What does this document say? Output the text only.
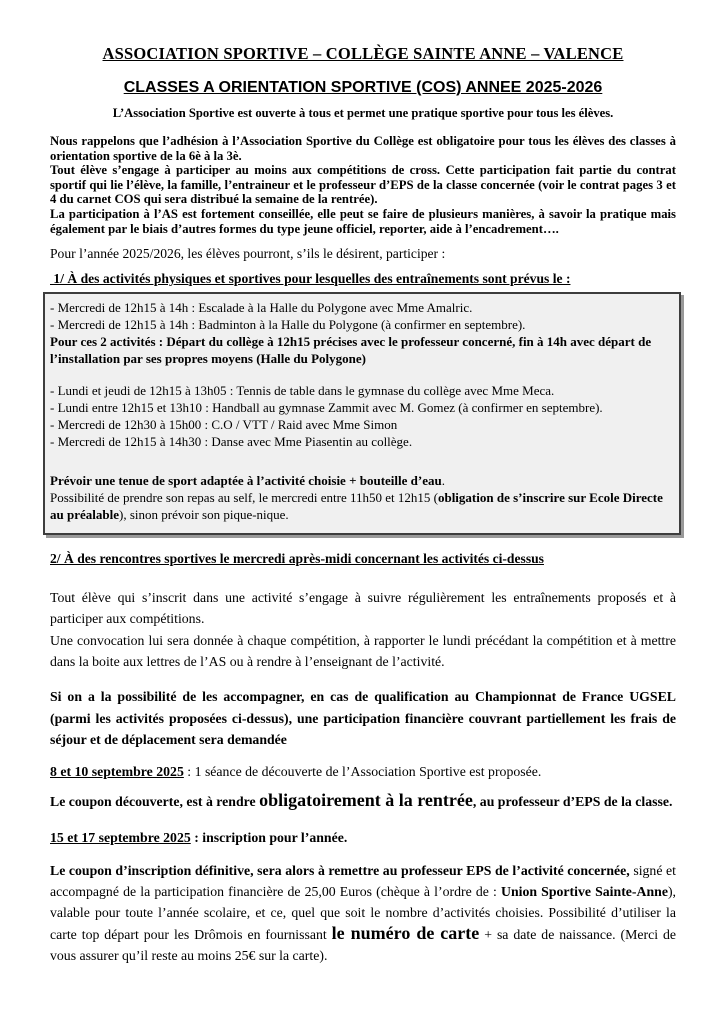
ASSOCIATION SPORTIVE – COLLÈGE SAINTE ANNE – VALENCE
CLASSES A ORIENTATION SPORTIVE (COS) ANNEE 2025-2026
L’Association Sportive est ouverte à tous et permet une pratique sportive pour tous les élèves.

Nous rappelons que l’adhésion à l’Association Sportive du Collège est obligatoire pour tous les élèves des classes à orientation sportive de la 6è à la 3è.

Tout élève s’engage à participer au moins aux compétitions de cross. Cette participation fait partie du contrat sportif qui lie l’élève, la famille, l’entraineur et le professeur d’EPS de la classe concernée (voir le contrat pages 3 et 4 du carnet COS qui sera distribué la semaine de la rentrée).

La participation à l’AS est fortement conseillée, elle peut se faire de plusieurs manières, à savoir la pratique mais également par le biais d’autres formes du type jeune officiel, reporter, aide à l’encadrement….

Pour l’année 2025/2026, les élèves pourront, s’ils le désirent, participer :
1/ À des activités physiques et sportives pour lesquelles des entraînements sont prévus le :
- Mercredi de 12h15 à 14h : Escalade à la Halle du Polygone avec Mme Amalric.
- Mercredi de 12h15 à 14h : Badminton à la Halle du Polygone (à confirmer en septembre).
Pour ces 2 activités : Départ du collège à 12h15 précises avec le professeur concerné, fin à 14h avec départ de l’installation par ses propres moyens (Halle du Polygone)
- Lundi et jeudi de 12h15 à 13h05 : Tennis de table dans le gymnase du collège avec Mme Meca.
- Lundi entre 12h15 et 13h10 : Handball au gymnase Zammit avec M. Gomez (à confirmer en septembre).
- Mercredi de 12h30 à 15h00 : C.O / VTT / Raid avec Mme Simon
- Mercredi de 12h15 à 14h30 : Danse avec Mme Piasentin au collège.
Prévoir une tenue de sport adaptée à l’activité choisie + bouteille d’eau.
Possibilité de prendre son repas au self, le mercredi entre 11h50 et 12h15 (obligation de s’inscrire sur Ecole Directe au préalable), sinon prévoir son pique-nique.
2/ À des rencontres sportives le mercredi après-midi concernant les activités ci-dessus

Tout élève qui s’inscrit dans une activité s’engage à suivre régulièrement les entraînements proposés et à participer aux compétitions.

Une convocation lui sera donnée à chaque compétition, à rapporter le lundi précédant la compétition et à mettre dans la boite aux lettres de l’AS ou à rendre à l’enseignant de l’activité.

Si on a la possibilité de les accompagner, en cas de qualification au Championnat de France UGSEL (parmi les activités proposées ci-dessus), une participation financière couvrant partiellement les frais de séjour et de déplacement sera demandée
8 et 10 septembre 2025 : 1 séance de découverte de l’Association Sportive est proposée.
Le coupon découverte, est à rendre obligatoirement à la rentrée, au professeur d’EPS de la classe.
15 et 17 septembre 2025 : inscription pour l’année.
Le coupon d’inscription définitive, sera alors à remettre au professeur EPS de l’activité concernée, signé et accompagné de la participation financière de 25,00 Euros (chèque à l’ordre de : Union Sportive Sainte-Anne), valable pour toute l’année scolaire, et ce, quel que soit le nombre d’activités choisies. Possibilité d’utiliser la carte top départ pour les Drômois en fournissant le numéro de carte + sa date de naissance. (Merci de vous assurer qu’il reste au moins 25€ sur la carte).
